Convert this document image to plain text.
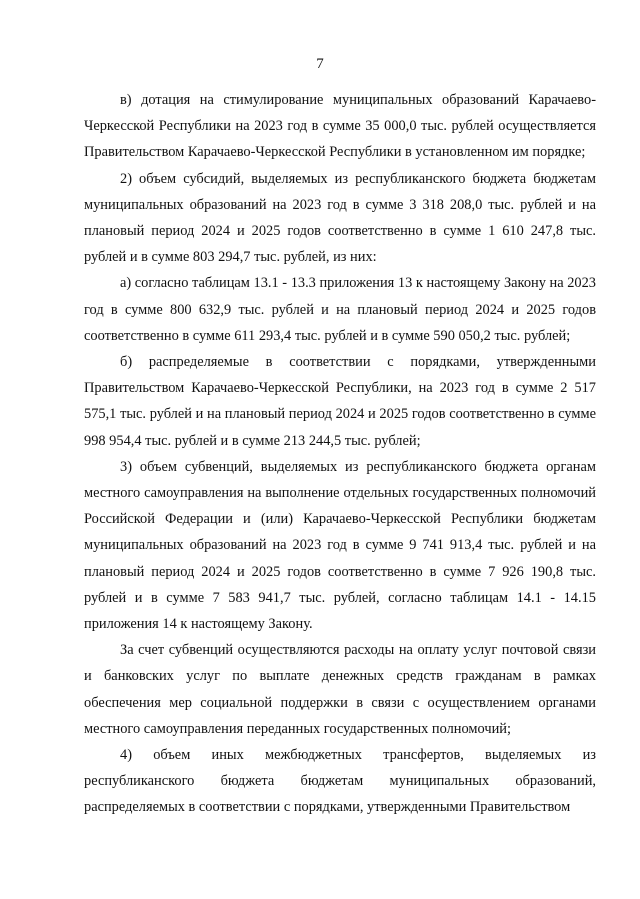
7

в) дотация на стимулирование муниципальных образований Карачаево-Черкесской Республики на 2023 год в сумме 35 000,0 тыс. рублей осуществляется Правительством Карачаево-Черкесской Республики в установленном им порядке;

2) объем субсидий, выделяемых из республиканского бюджета бюджетам муниципальных образований на 2023 год в сумме 3 318 208,0 тыс. рублей и на плановый период 2024 и 2025 годов соответственно в сумме 1 610 247,8 тыс. рублей и в сумме 803 294,7 тыс. рублей, из них:

а) согласно таблицам 13.1 - 13.3 приложения 13 к настоящему Закону на 2023 год в сумме 800 632,9 тыс. рублей и на плановый период 2024 и 2025 годов соответственно в сумме 611 293,4 тыс. рублей и в сумме 590 050,2 тыс. рублей;

б) распределяемые в соответствии с порядками, утвержденными Правительством Карачаево-Черкесской Республики, на 2023 год в сумме 2 517 575,1 тыс. рублей и на плановый период 2024 и 2025 годов соответственно в сумме 998 954,4 тыс. рублей и в сумме 213 244,5 тыс. рублей;

3) объем субвенций, выделяемых из республиканского бюджета органам местного самоуправления на выполнение отдельных государственных полномочий Российской Федерации и (или) Карачаево-Черкесской Республики бюджетам муниципальных образований на 2023 год в сумме 9 741 913,4 тыс. рублей и на плановый период 2024 и 2025 годов соответственно в сумме 7 926 190,8 тыс. рублей и в сумме 7 583 941,7 тыс. рублей, согласно таблицам 14.1 - 14.15 приложения 14 к настоящему Закону.

За счет субвенций осуществляются расходы на оплату услуг почтовой связи и банковских услуг по выплате денежных средств гражданам в рамках обеспечения мер социальной поддержки в связи с осуществлением органами местного самоуправления переданных государственных полномочий;

4) объем иных межбюджетных трансфертов, выделяемых из республиканского бюджета бюджетам муниципальных образований, распределяемых в соответствии с порядками, утвержденными Правительством
